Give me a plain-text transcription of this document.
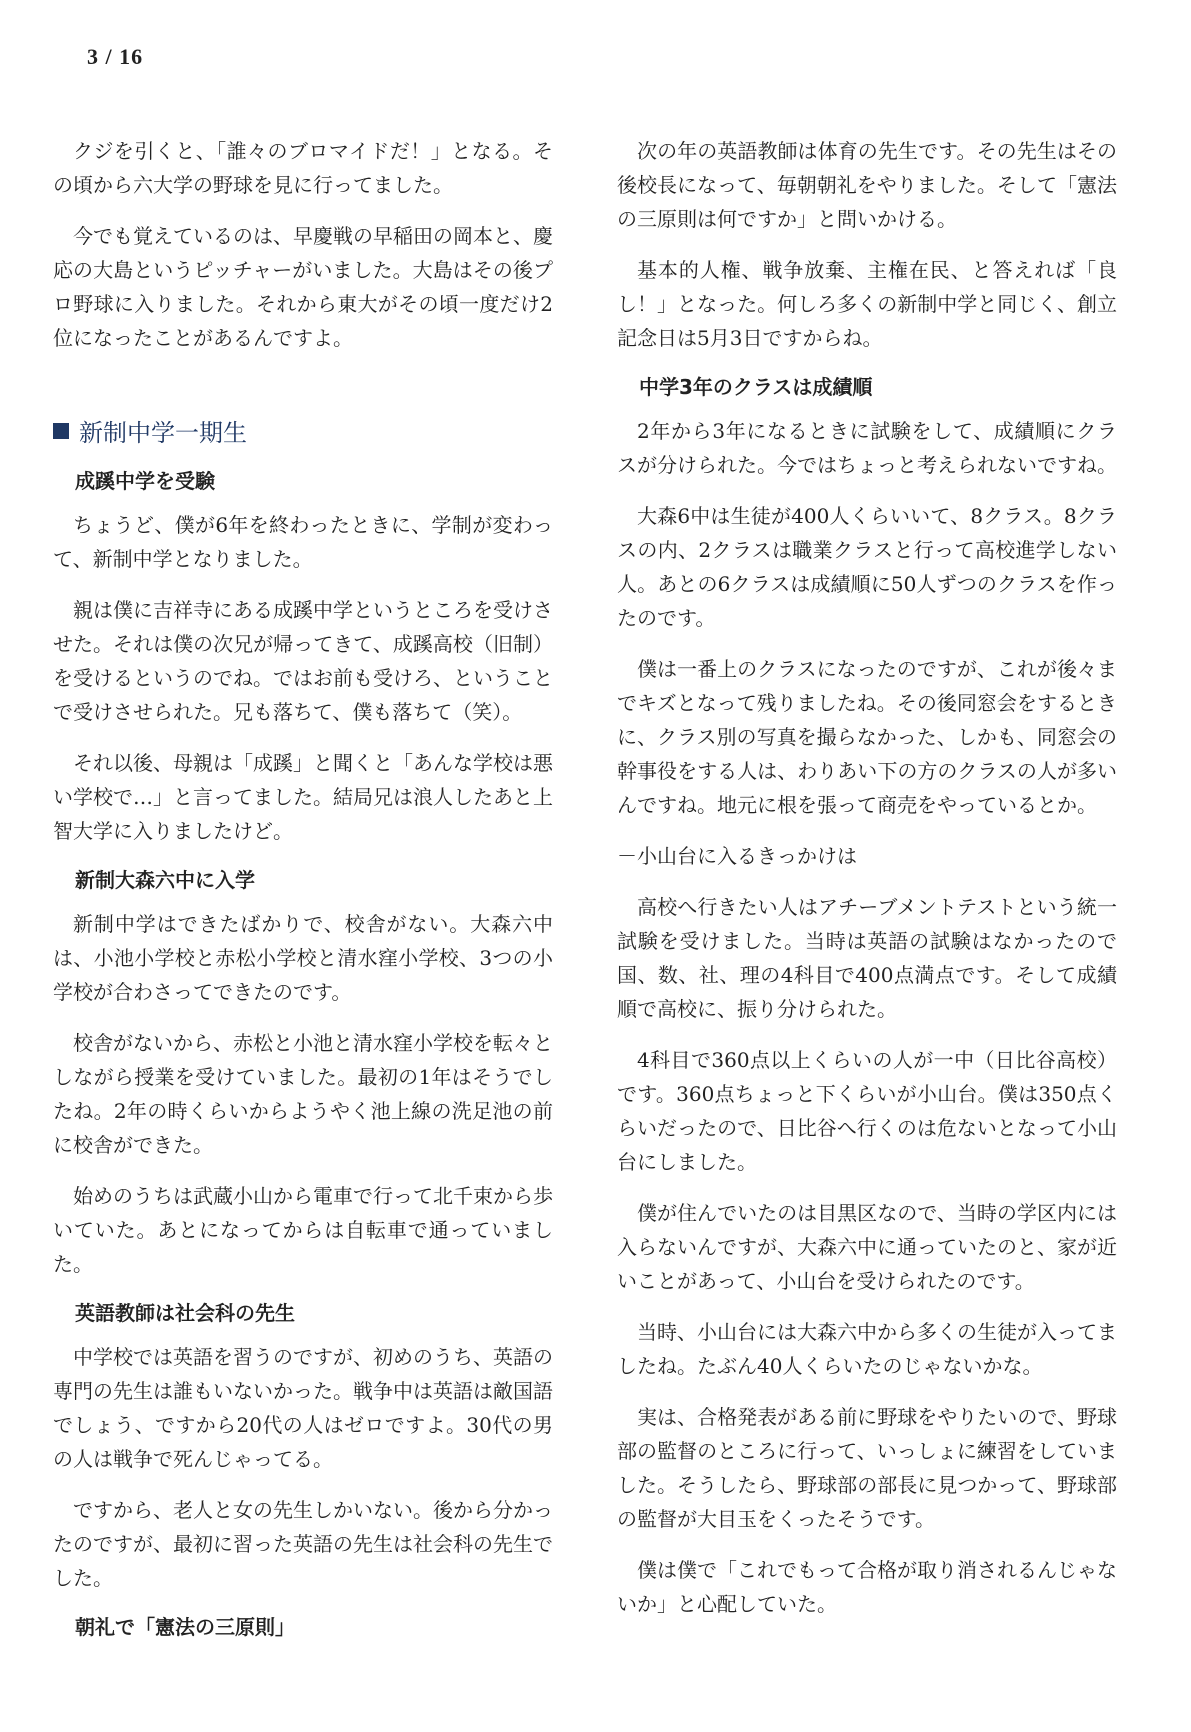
3 / 16

クジを引くと、「誰々のブロマイドだ！」となる。その頃から六大学の野球を見に行ってました。

今でも覚えているのは、早慶戦の早稲田の岡本と、慶応の大島というピッチャーがいました。大島はその後プロ野球に入りました。それから東大がその頃一度だけ2位になったことがあるんですよ。

新制中学一期生
成蹊中学を受験

ちょうど、僕が6年を終わったときに、学制が変わって、新制中学となりました。

親は僕に吉祥寺にある成蹊中学というところを受けさせた。それは僕の次兄が帰ってきて、成蹊高校（旧制）を受けるというのでね。ではお前も受けろ、ということで受けさせられた。兄も落ちて、僕も落ちて（笑）。

それ以後、母親は「成蹊」と聞くと「あんな学校は悪い学校で…」と言ってました。結局兄は浪人したあと上智大学に入りましたけど。

新制大森六中に入学

新制中学はできたばかりで、校舎がない。大森六中は、小池小学校と赤松小学校と清水窪小学校、3つの小学校が合わさってできたのです。

校舎がないから、赤松と小池と清水窪小学校を転々としながら授業を受けていました。最初の1年はそうでしたね。2年の時くらいからようやく池上線の洗足池の前に校舎ができた。

始めのうちは武蔵小山から電車で行って北千束から歩いていた。あとになってからは自転車で通っていました。

英語教師は社会科の先生

中学校では英語を習うのですが、初めのうち、英語の専門の先生は誰もいないかった。戦争中は英語は敵国語でしょう、ですから20代の人はゼロですよ。30代の男の人は戦争で死んじゃってる。

ですから、老人と女の先生しかいない。後から分かったのですが、最初に習った英語の先生は社会科の先生でした。

朝礼で「憲法の三原則」

次の年の英語教師は体育の先生です。その先生はその後校長になって、毎朝朝礼をやりました。そして「憲法の三原則は何ですか」と問いかける。

基本的人権、戦争放棄、主権在民、と答えれば「良し！」となった。何しろ多くの新制中学と同じく、創立記念日は5月3日ですからね。

中学3年のクラスは成績順

2年から3年になるときに試験をして、成績順にクラスが分けられた。今ではちょっと考えられないですね。

大森6中は生徒が400人くらいいて、8クラス。8クラスの内、2クラスは職業クラスと行って高校進学しない人。あとの6クラスは成績順に50人ずつのクラスを作ったのです。

僕は一番上のクラスになったのですが、これが後々までキズとなって残りましたね。その後同窓会をするときに、クラス別の写真を撮らなかった、しかも、同窓会の幹事役をする人は、わりあい下の方のクラスの人が多いんですね。地元に根を張って商売をやっているとか。

－小山台に入るきっかけは

高校へ行きたい人はアチーブメントテストという統一試験を受けました。当時は英語の試験はなかったので国、数、社、理の4科目で400点満点です。そして成績順で高校に、振り分けられた。

4科目で360点以上くらいの人が一中（日比谷高校）です。360点ちょっと下くらいが小山台。僕は350点くらいだったので、日比谷へ行くのは危ないとなって小山台にしました。

僕が住んでいたのは目黒区なので、当時の学区内には入らないんですが、大森六中に通っていたのと、家が近いことがあって、小山台を受けられたのです。

当時、小山台には大森六中から多くの生徒が入ってましたね。たぶん40人くらいたのじゃないかな。

実は、合格発表がある前に野球をやりたいので、野球部の監督のところに行って、いっしょに練習をしていました。そうしたら、野球部の部長に見つかって、野球部の監督が大目玉をくったそうです。

僕は僕で「これでもって合格が取り消されるんじゃないか」と心配していた。
